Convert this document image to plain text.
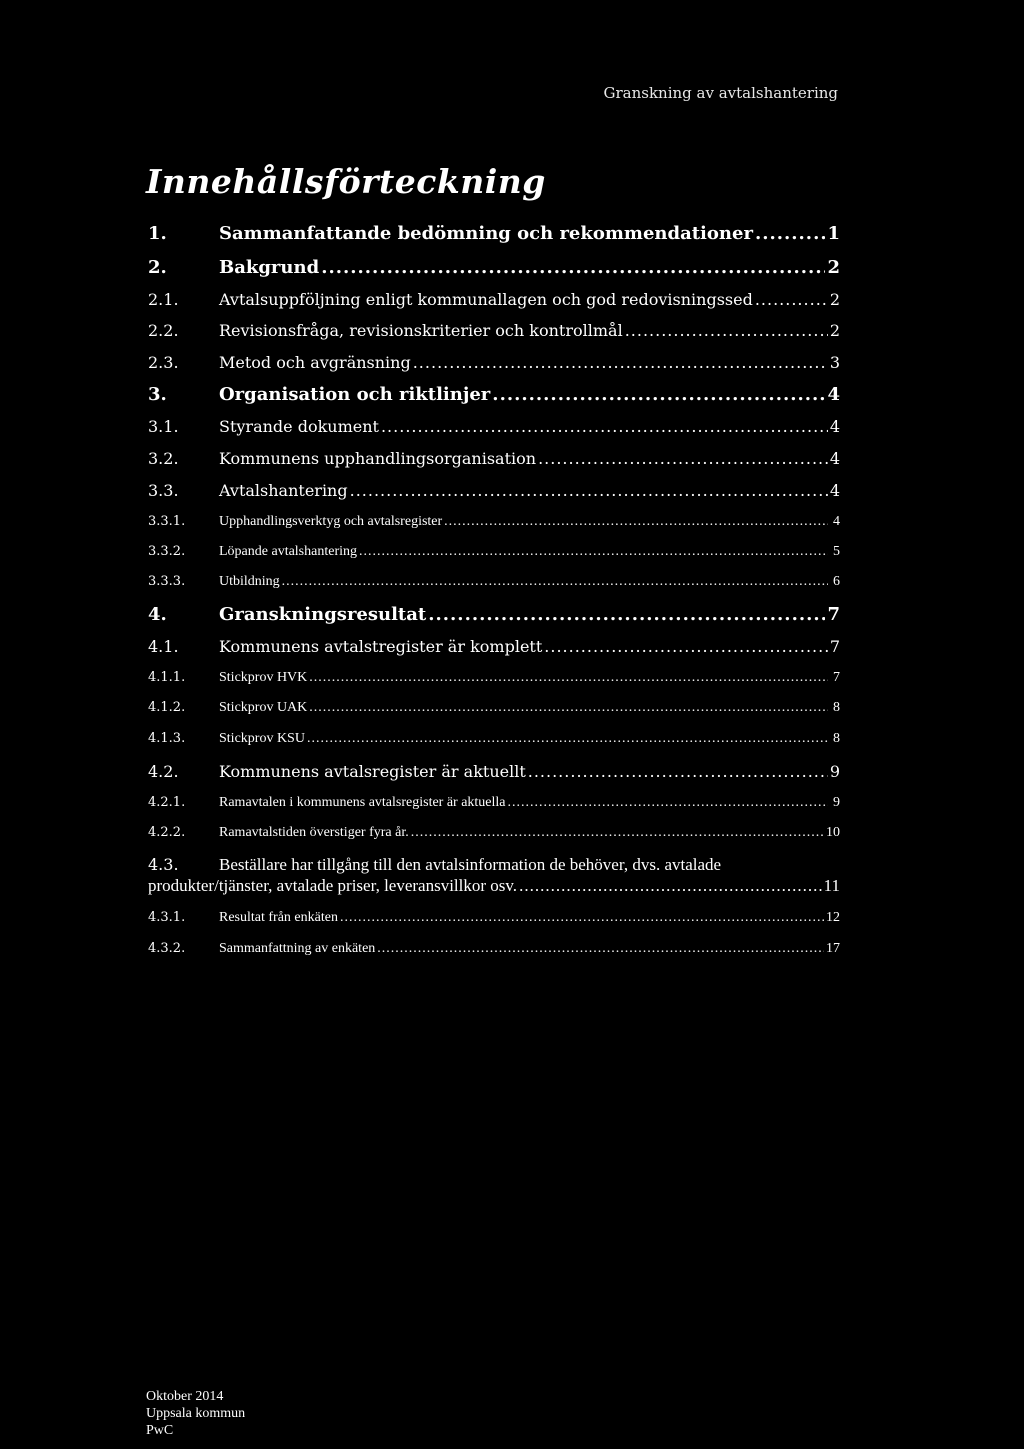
Granskning av avtalshantering
Innehållsförteckning
1.	Sammanfattande bedömning och rekommendationer .....	1
2.	Bakgrund .....	2
2.1.	Avtalsuppföljning enligt kommunallagen och god redovisningssed .....	2
2.2.	Revisionsfråga, revisionskriterier och kontrollmål .....	2
2.3.	Metod och avgränsning .....	3
3.	Organisation och riktlinjer .....	4
3.1.	Styrande dokument .....	4
3.2.	Kommunens upphandlingsorganisation .....	4
3.3.	Avtalshantering .....	4
3.3.1.	Upphandlingsverktyg och avtalsregister .....	4
3.3.2.	Löpande avtalshantering .....	5
3.3.3.	Utbildning .....	6
4.	Granskningsresultat .....	7
4.1.	Kommunens avtalstregister är komplett .....	7
4.1.1.	Stickprov HVK .....	7
4.1.2.	Stickprov UAK .....	8
4.1.3.	Stickprov KSU .....	8
4.2.	Kommunens avtalsregister är aktuellt .....	9
4.2.1.	Ramavtalen i kommunens avtalsregister är aktuella .....	9
4.2.2.	Ramavtalstiden överstiger fyra år. .....	10
4.3.	Beställare har tillgång till den avtalsinformation de behöver, dvs. avtalade
produkter/tjänster, avtalade priser, leveransvillkor osv. .....	11
4.3.1.	Resultat från enkäten .....	12
4.3.2.	Sammanfattning av enkäten .....	17
Oktober 2014
Uppsala kommun
PwC
